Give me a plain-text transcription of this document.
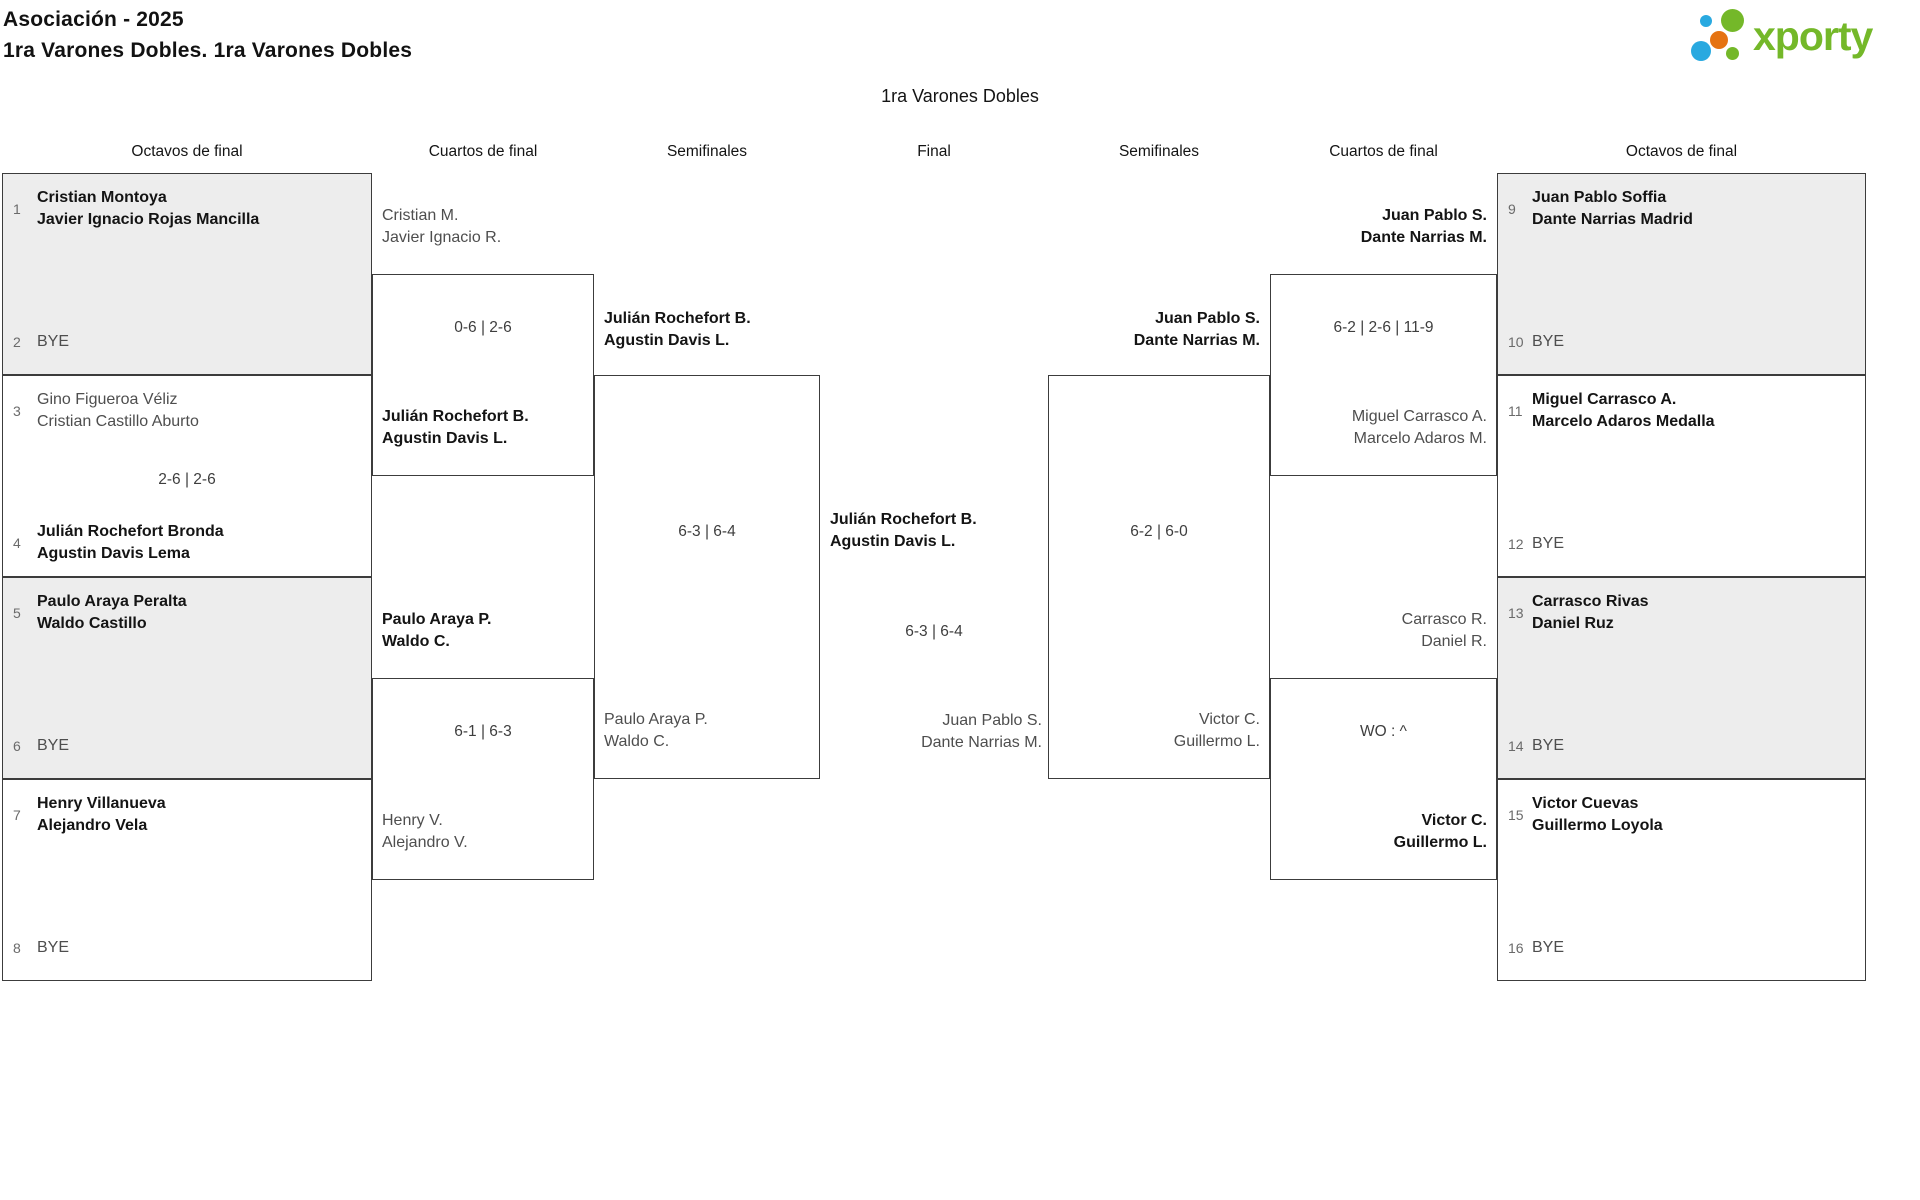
Asociación - 2025
1ra Varones Dobles. 1ra Varones Dobles	xporty
1ra Varones Dobles
Octavos de final	Cuartos de final	Semifinales	Final	Semifinales	Cuartos de final	Octavos de final
1
Cristian Montoya
Javier Ignacio Rojas Mancilla
2	BYE
3
Gino Figueroa Véliz
Cristian Castillo Aburto
2-6 | 2-6
4
Julián Rochefort Bronda
Agustin Davis Lema
5
Paulo Araya Peralta
Waldo Castillo
6	BYE
7
Henry Villanueva
Alejandro Vela
8	BYE
9
Juan Pablo Soffia
Dante Narrias Madrid
10 BYE
11
Miguel Carrasco A.
Marcelo Adaros Medalla
12 BYE
13
Carrasco Rivas
Daniel Ruz
14 BYE
15
Victor Cuevas
Guillermo Loyola
16 BYE
Cristian M.
Javier Ignacio R.
0-6 | 2-6
Julián Rochefort B.
Agustin Davis L.
Paulo Araya P.
Waldo C.
6-1 | 6-3
Henry V.
Alejandro V.
Juan Pablo S.
Dante Narrias M.
6-2 | 2-6 | 11-9
Miguel Carrasco A.
Marcelo Adaros M.
Carrasco R.
Daniel R.
WO : ^
Victor C.
Guillermo L.
Julián Rochefort B.
Agustin Davis L.
6-3 | 6-4
Paulo Araya P.
Waldo C.
Juan Pablo S.
Dante Narrias M.
6-2 | 6-0
Victor C.
Guillermo L.
Julián Rochefort B.
Agustin Davis L.
6-3 | 6-4
Juan Pablo S.
Dante Narrias M.
